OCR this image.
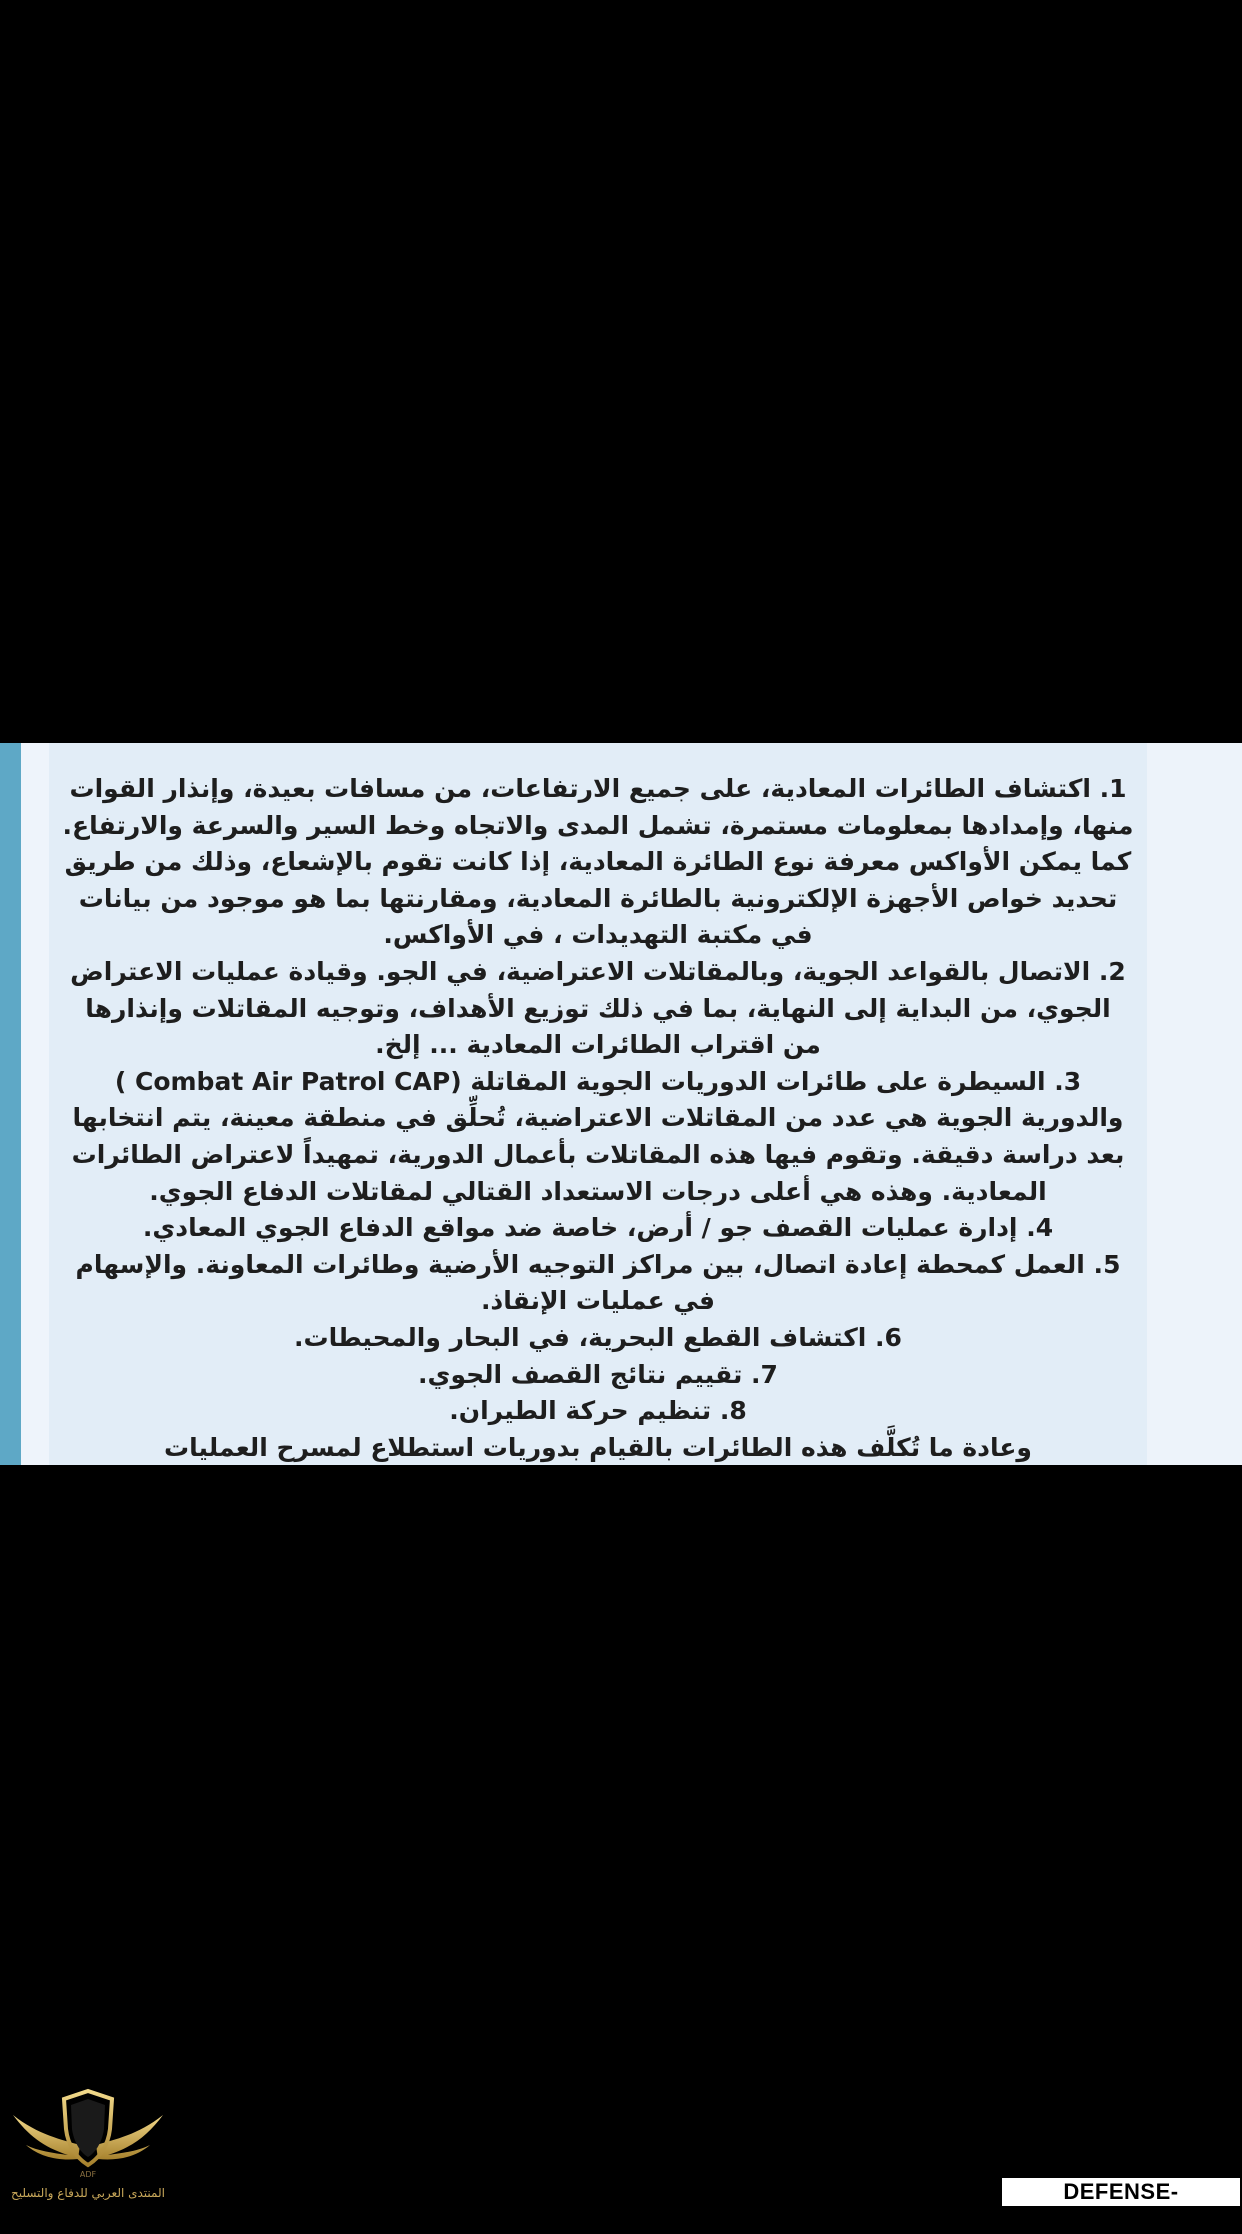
1. اكتشاف الطائرات المعادية، على جميع الارتفاعات، من مسافات بعيدة، وإنذار القوات منها، وإمدادها بمعلومات مستمرة، تشمل المدى والاتجاه وخط السير والسرعة والارتفاع. كما يمكن الأواكس معرفة نوع الطائرة المعادية، إذا كانت تقوم بالإشعاع، وذلك من طريق تحديد خواص الأجهزة الإلكترونية بالطائرة المعادية، ومقارنتها بما هو موجود من بيانات في مكتبة التهديدات ، في الأواكس.

2. الاتصال بالقواعد الجوية، وبالمقاتلات الاعتراضية، في الجو. وقيادة عمليات الاعتراض الجوي، من البداية إلى النهاية، بما في ذلك توزيع الأهداف، وتوجيه المقاتلات وإنذارها من اقتراب الطائرات المعادية ... إلخ.

3. السيطرة على طائرات الدوريات الجوية المقاتلة (Combat Air Patrol CAP ) والدورية الجوية هي عدد من المقاتلات الاعتراضية، تُحلِّق في منطقة معينة، يتم انتخابها بعد دراسة دقيقة. وتقوم فيها هذه المقاتلات بأعمال الدورية، تمهيداً لاعتراض الطائرات المعادية. وهذه هي أعلى درجات الاستعداد القتالي لمقاتلات الدفاع الجوي.

4. إدارة عمليات القصف جو / أرض، خاصة ضد مواقع الدفاع الجوي المعادي.

5. العمل كمحطة إعادة اتصال، بين مراكز التوجيه الأرضية وطائرات المعاونة. والإسهام في عمليات الإنقاذ.

6. اكتشاف القطع البحرية، في البحار والمحيطات.

7. تقييم نتائج القصف الجوي.

8. تنظيم حركة الطيران.

وعادة ما تُكلَّف هذه الطائرات بالقيام بدوريات استطلاع لمسرح العمليات

ADF
المنتدى العربي للدفاع والتسليح	DEFENSE-ARAB.COM
